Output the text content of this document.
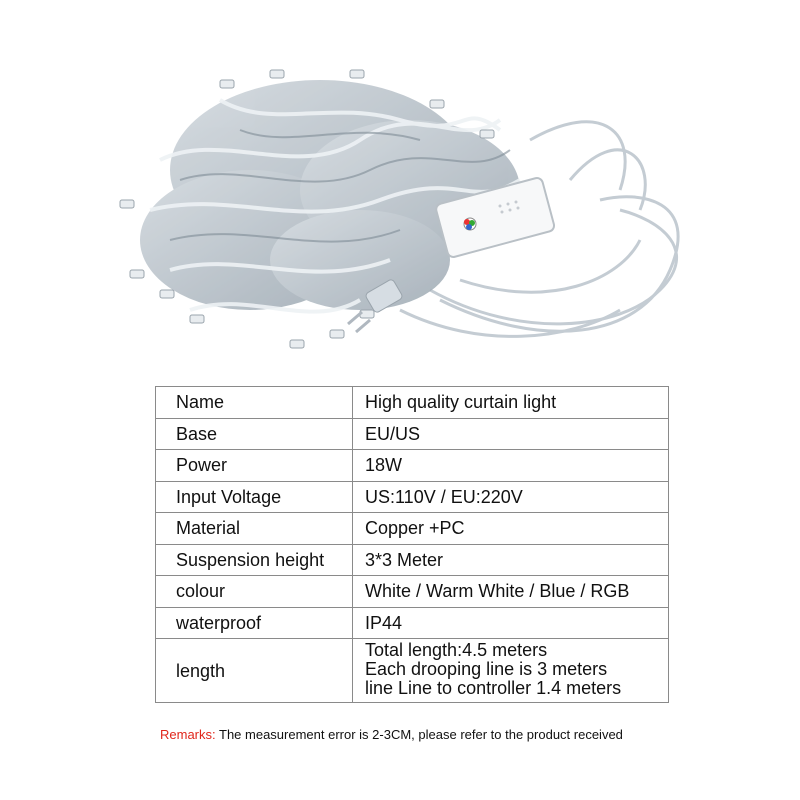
Name	High quality curtain light
Base	EU/US
Power	18W
Input Voltage	US:110V / EU:220V
Material	Copper +PC
Suspension height	3*3 Meter
colour	White / Warm White / Blue / RGB
waterproof	IP44
length	Total length:4.5 meters
Each drooping line is 3 meters
line Line to controller 1.4 meters
Remarks: The measurement error is 2-3CM, please refer to the product received
